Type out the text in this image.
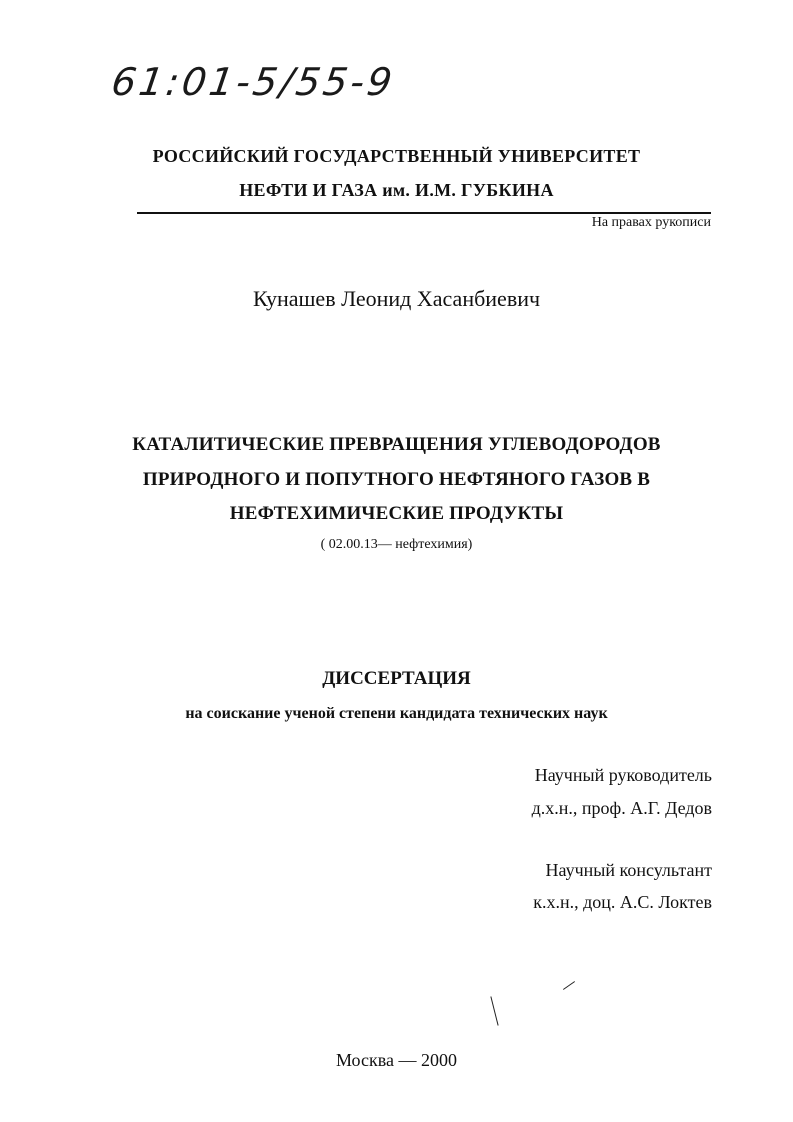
61:01-5/55-9
РОССИЙСКИЙ ГОСУДАРСТВЕННЫЙ УНИВЕРСИТЕТ
НЕФТИ И ГАЗА им. И.М. ГУБКИНА
На правах рукописи
Кунашев Леонид Хасанбиевич
КАТАЛИТИЧЕСКИЕ ПРЕВРАЩЕНИЯ УГЛЕВОДОРОДОВ
ПРИРОДНОГО И ПОПУТНОГО НЕФТЯНОГО ГАЗОВ В
НЕФТЕХИМИЧЕСКИЕ ПРОДУКТЫ
( 02.00.13— нефтехимия)
ДИССЕРТАЦИЯ
на соискание ученой степени кандидата технических наук
Научный руководитель
д.х.н., проф. А.Г. Дедов
Научный консультант
к.х.н., доц. А.С. Локтев
Москва — 2000
